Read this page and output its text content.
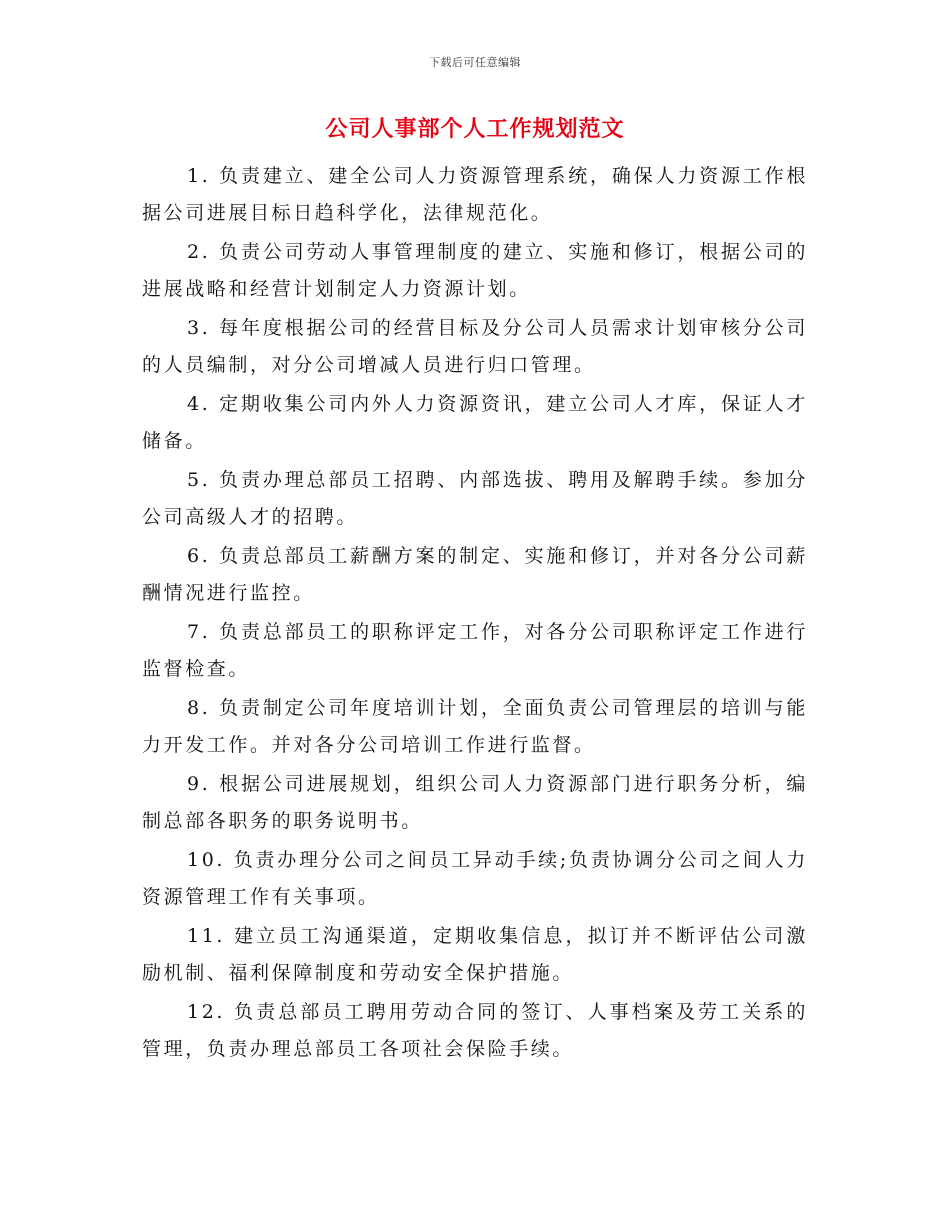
下载后可任意编辑
公司人事部个人工作规划范文

1. 负责建立、建全公司人力资源管理系统，确保人力资源工作根据公司进展目标日趋科学化，法律规范化。

2. 负责公司劳动人事管理制度的建立、实施和修订，根据公司的进展战略和经营计划制定人力资源计划。

3. 每年度根据公司的经营目标及分公司人员需求计划审核分公司的人员编制，对分公司增减人员进行归口管理。

4. 定期收集公司内外人力资源资讯，建立公司人才库，保证人才储备。

5. 负责办理总部员工招聘、内部选拔、聘用及解聘手续。参加分公司高级人才的招聘。

6. 负责总部员工薪酬方案的制定、实施和修订，并对各分公司薪酬情况进行监控。

7. 负责总部员工的职称评定工作，对各分公司职称评定工作进行监督检查。

8. 负责制定公司年度培训计划，全面负责公司管理层的培训与能力开发工作。并对各分公司培训工作进行监督。

9. 根据公司进展规划，组织公司人力资源部门进行职务分析，编制总部各职务的职务说明书。

10. 负责办理分公司之间员工异动手续;负责协调分公司之间人力资源管理工作有关事项。

11. 建立员工沟通渠道，定期收集信息，拟订并不断评估公司激励机制、福利保障制度和劳动安全保护措施。

12. 负责总部员工聘用劳动合同的签订、人事档案及劳工关系的管理，负责办理总部员工各项社会保险手续。
